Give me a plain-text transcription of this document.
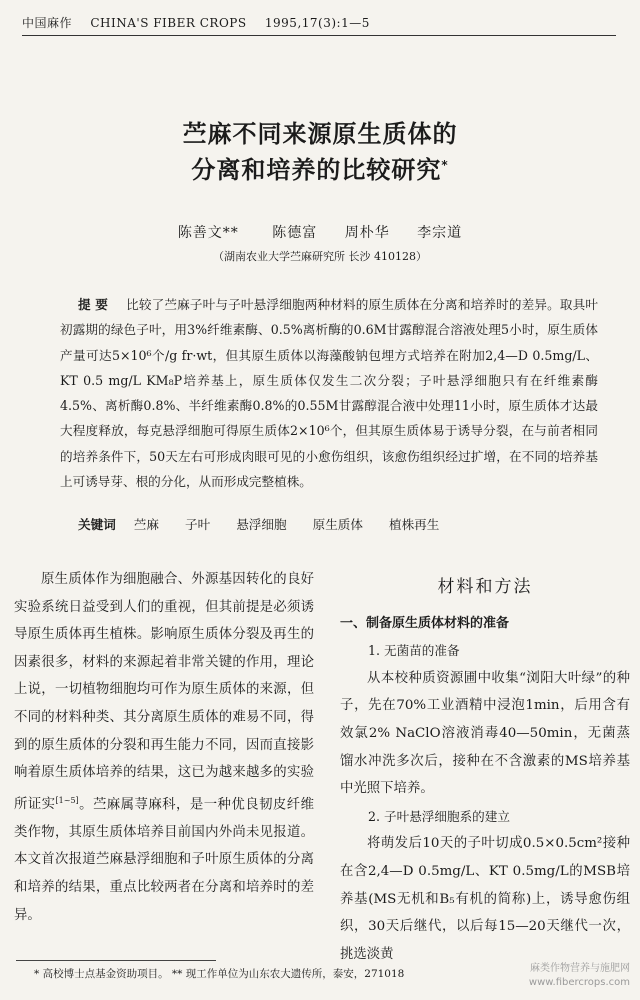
中国麻作 CHINA'S FIBER CROPS 1995,17(3):1—5
苎麻不同来源原生质体的
分离和培养的比较研究*
陈善文** 陈德富 周朴华 李宗道
（湖南农业大学苎麻研究所 长沙 410128）
提 要 比较了苎麻子叶与子叶悬浮细胞两种材料的原生质体在分离和培养时的差异。取具叶初露期的绿色子叶，用3%纤维素酶、0.5%离析酶的0.6M甘露醇混合溶液处理5小时，原生质体产量可达5×10⁶个/g fr·wt，但其原生质体以海藻酸钠包埋方式培养在附加2,4—D 0.5mg/L、KT 0.5 mg/L KM₈P培养基上，原生质体仅发生二次分裂；子叶悬浮细胞只有在纤维素酶4.5%、离析酶0.8%、半纤维素酶0.8%的0.55M甘露醇混合液中处理11小时，原生质体才达最大程度释放，每克悬浮细胞可得原生质体2×10⁶个，但其原生质体易于诱导分裂，在与前者相同的培养条件下，50天左右可形成肉眼可见的小愈伤组织，该愈伤组织经过扩增，在不同的培养基上可诱导芽、根的分化，从而形成完整植株。
关键词 苎麻 子叶 悬浮细胞 原生质体 植株再生
原生质体作为细胞融合、外源基因转化的良好实验系统日益受到人们的重视，但其前提是必须诱导原生质体再生植株。影响原生质体分裂及再生的因素很多，材料的来源起着非常关键的作用，理论上说，一切植物细胞均可作为原生质体的来源，但不同的材料种类、其分离原生质体的难易不同，得到的原生质体的分裂和再生能力不同，因而直接影响着原生质体培养的结果，这已为越来越多的实验所证实[1~5]。苎麻属荨麻科，是一种优良韧皮纤维类作物，其原生质体培养目前国内外尚未见报道。本文首次报道苎麻悬浮细胞和子叶原生质体的分离和培养的结果，重点比较两者在分离和培养时的差异。
材料和方法
一、制备原生质体材料的准备
1. 无菌苗的准备
从本校种质资源圃中收集“浏阳大叶绿”的种子，先在70%工业酒精中浸泡1min，后用含有效氯2% NaClO溶液消毒40—50min，无菌蒸馏水冲洗多次后，接种在不含激素的MS培养基中光照下培养。
2. 子叶悬浮细胞系的建立
将萌发后10天的子叶切成0.5×0.5cm²接种在含2,4—D 0.5mg/L、KT 0.5mg/L的MSB培养基(MS无机和B₅有机的简称)上，诱导愈伤组织，30天后继代，以后每15—20天继代一次，挑选淡黄
* 高校博士点基金资助项目。 ** 现工作单位为山东农大遗传所，泰安，271018	麻类作物营养与施肥网
www.fibercrops.com
